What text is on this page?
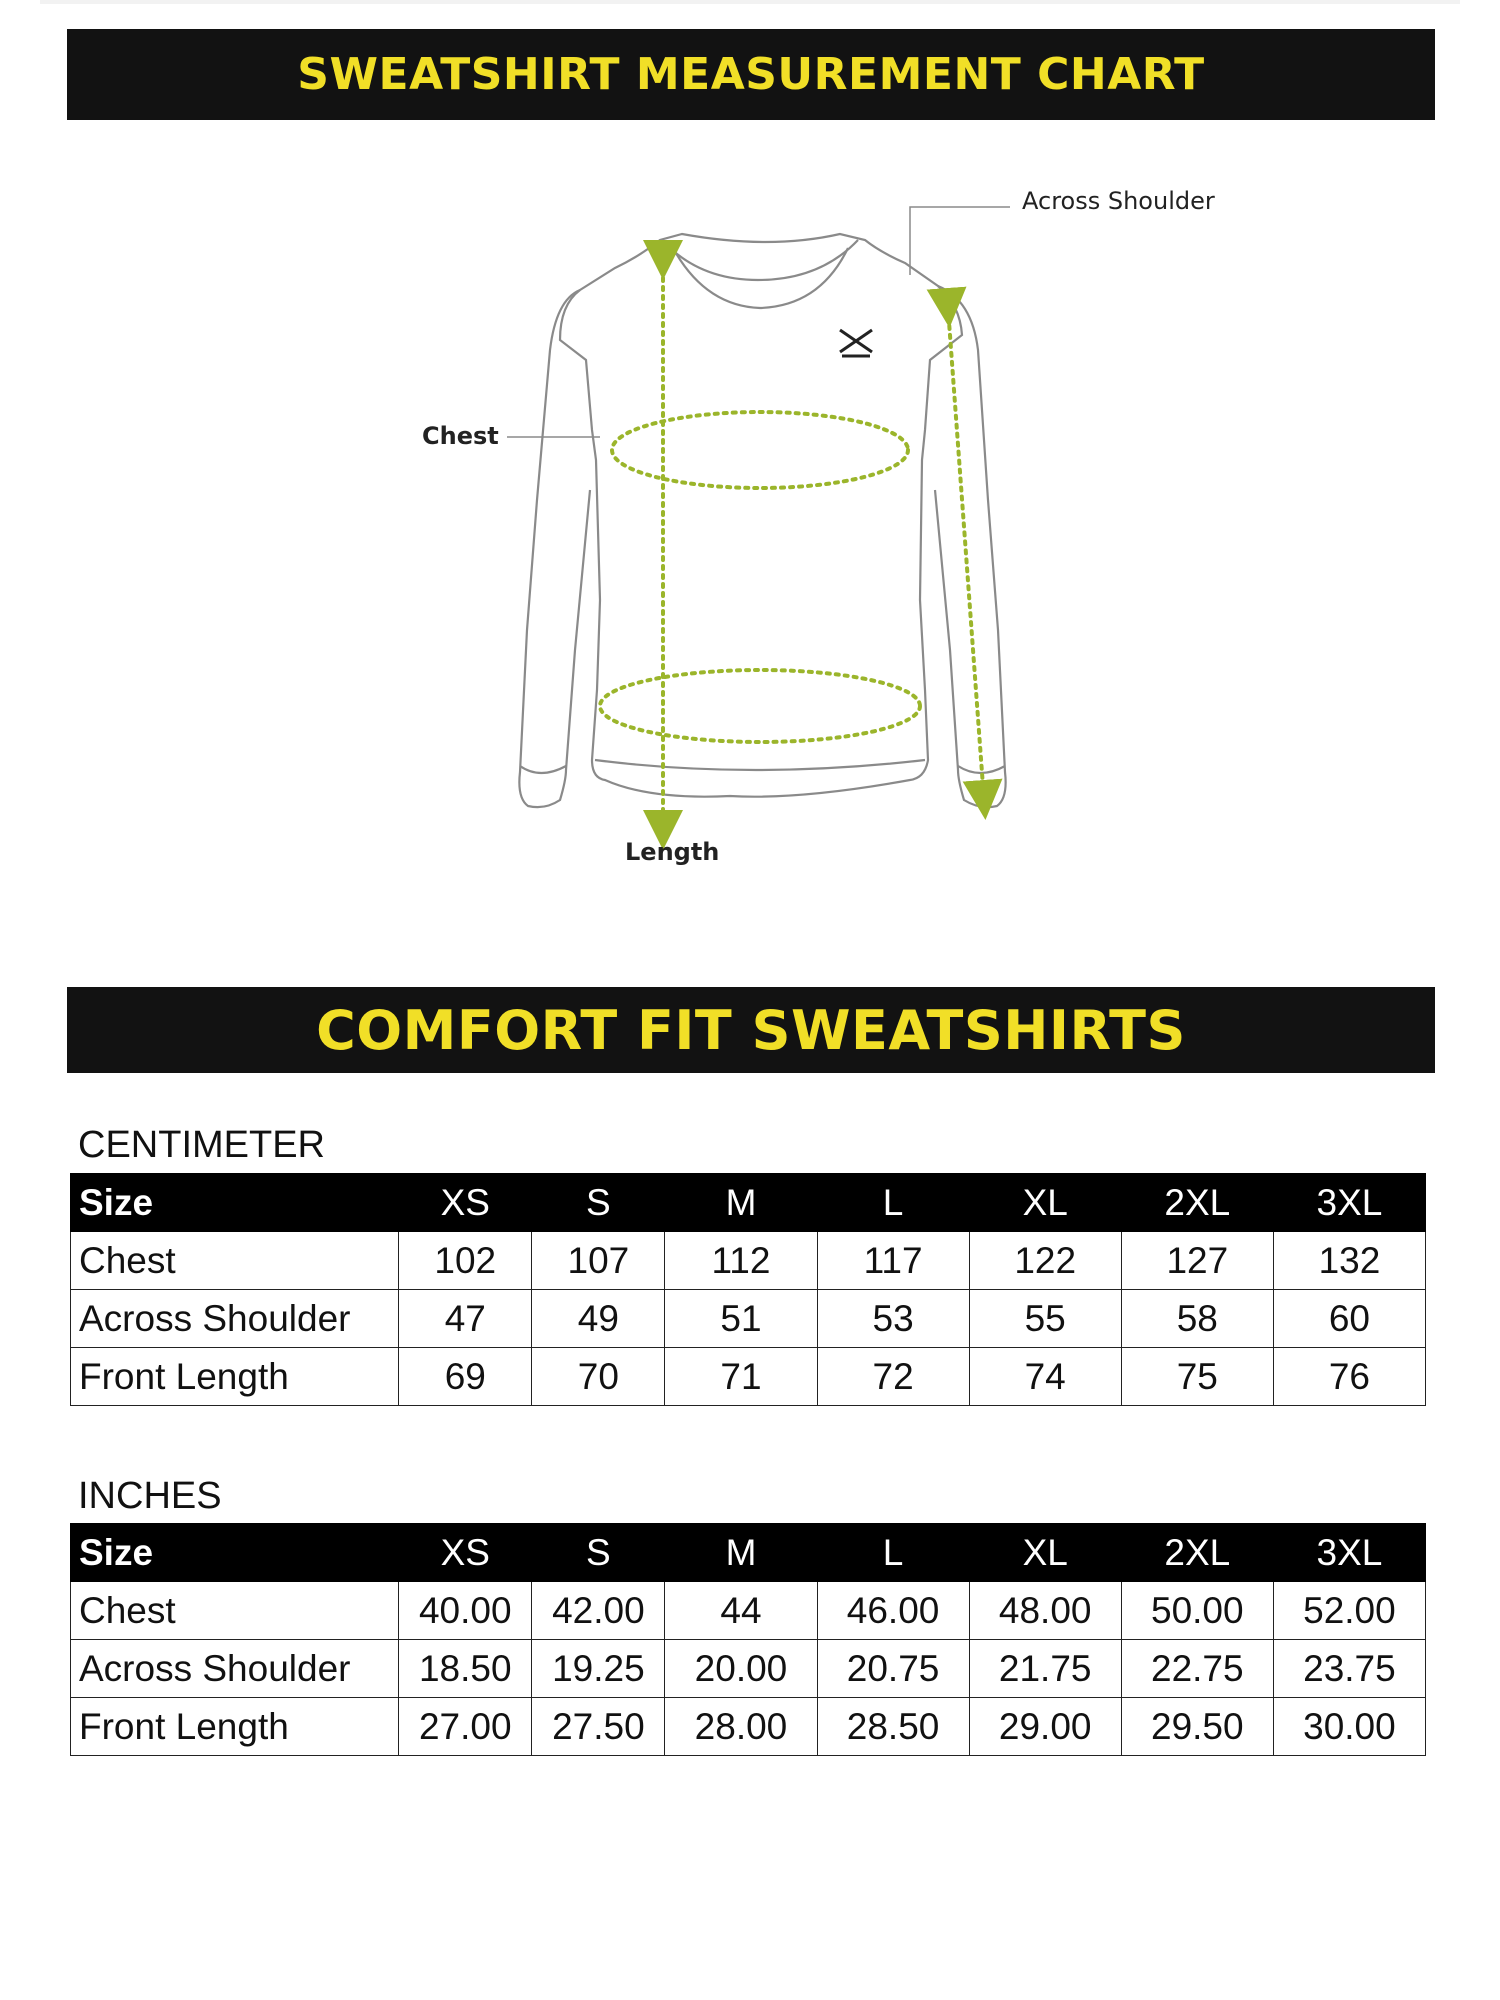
SWEATSHIRT MEASUREMENT CHART
Across Shoulder
Chest
Length
COMFORT FIT SWEATSHIRTS
CENTIMETER
Size	XS	S	M	L	XL	2XL	3XL
Chest	102	107	112	117	122	127	132
Across Shoulder	47	49	51	53	55	58	60
Front Length	69	70	71	72	74	75	76
INCHES
Size	XS	S	M	L	XL	2XL	3XL
Chest	40.00	42.00	44	46.00	48.00	50.00	52.00
Across Shoulder	18.50	19.25	20.00	20.75	21.75	22.75	23.75
Front Length	27.00	27.50	28.00	28.50	29.00	29.50	30.00
